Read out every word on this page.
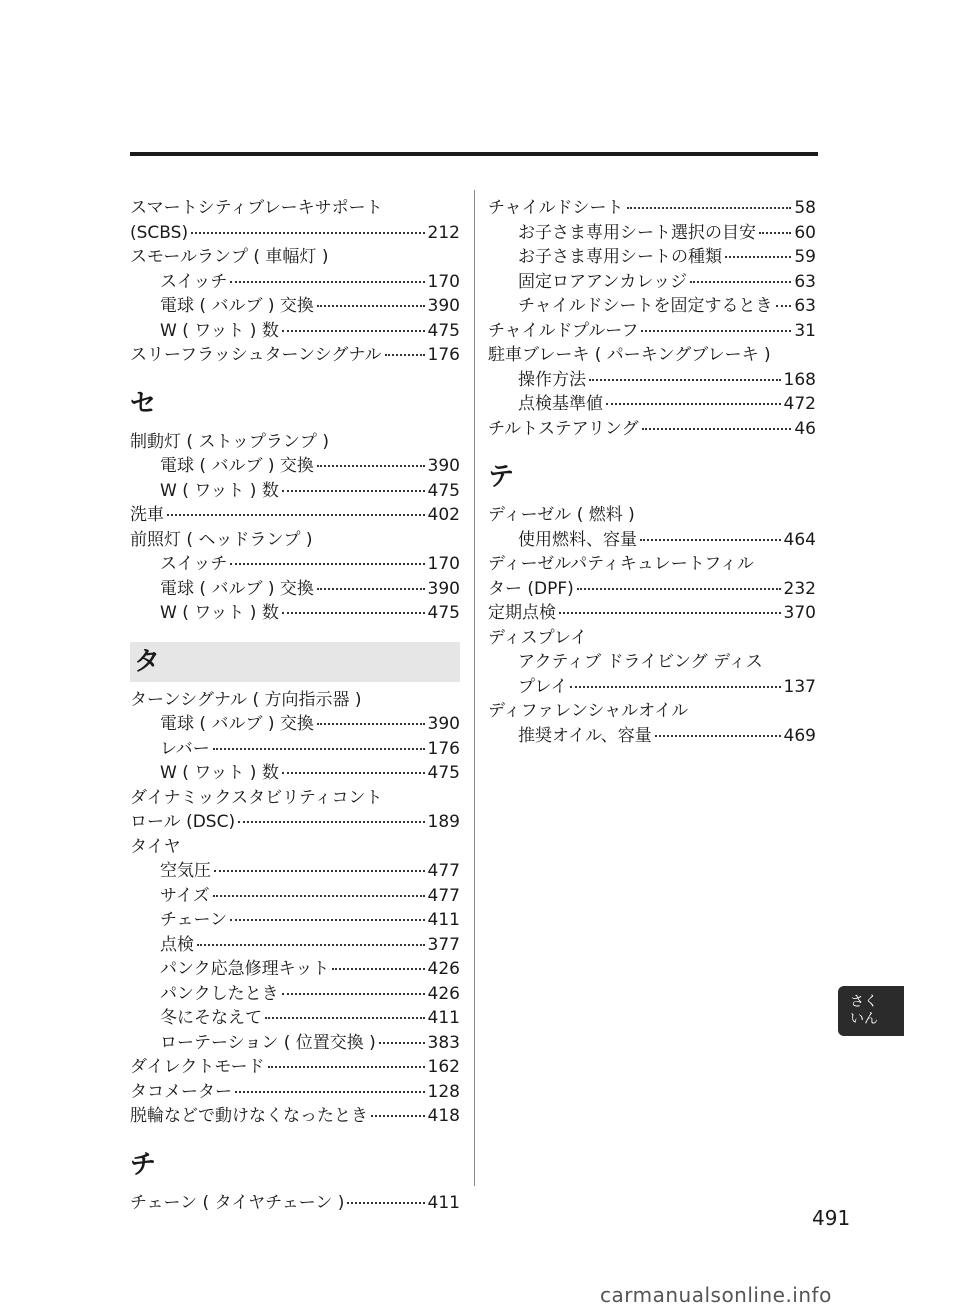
スマートシティブレーキサポート
(SCBS)	212
スモールランプ ( 車幅灯 )
スイッチ	170
電球 ( バルブ ) 交換	390
W ( ワット ) 数	475
スリーフラッシュターンシグナル	176
セ
制動灯 ( ストップランプ )
電球 ( バルブ ) 交換	390
W ( ワット ) 数	475
洗車	402
前照灯 ( ヘッドランプ )
スイッチ	170
電球 ( バルブ ) 交換	390
W ( ワット ) 数	475
タ
ターンシグナル ( 方向指示器 )
電球 ( バルブ ) 交換	390
レバー	176
W ( ワット ) 数	475
ダイナミックスタビリティコント
ロール (DSC)	189
タイヤ
空気圧	477
サイズ	477
チェーン	411
点検	377
パンク応急修理キット	426
パンクしたとき	426
冬にそなえて	411
ローテーション ( 位置交換 )	383
ダイレクトモード	162
タコメーター	128
脱輪などで動けなくなったとき	418
チ
チェーン ( タイヤチェーン )	411
チャイルドシート	58
お子さま専用シート選択の目安 60
お子さま専用シートの種類	59
固定ロアアンカレッジ	63
チャイルドシートを固定するとき 63
チャイルドプルーフ	31
駐車ブレーキ ( パーキングブレーキ )
操作方法	168
点検基準値	472
チルトステアリング	46
テ
ディーゼル ( 燃料 )
使用燃料、容量	464
ディーゼルパティキュレートフィル
ター (DPF)	232
定期点検	370
ディスプレイ
アクティブ ドライビング ディス
プレイ	137
ディファレンシャルオイル
推奨オイル、容量	469
さく
いん
491
carmanualsonline.info
